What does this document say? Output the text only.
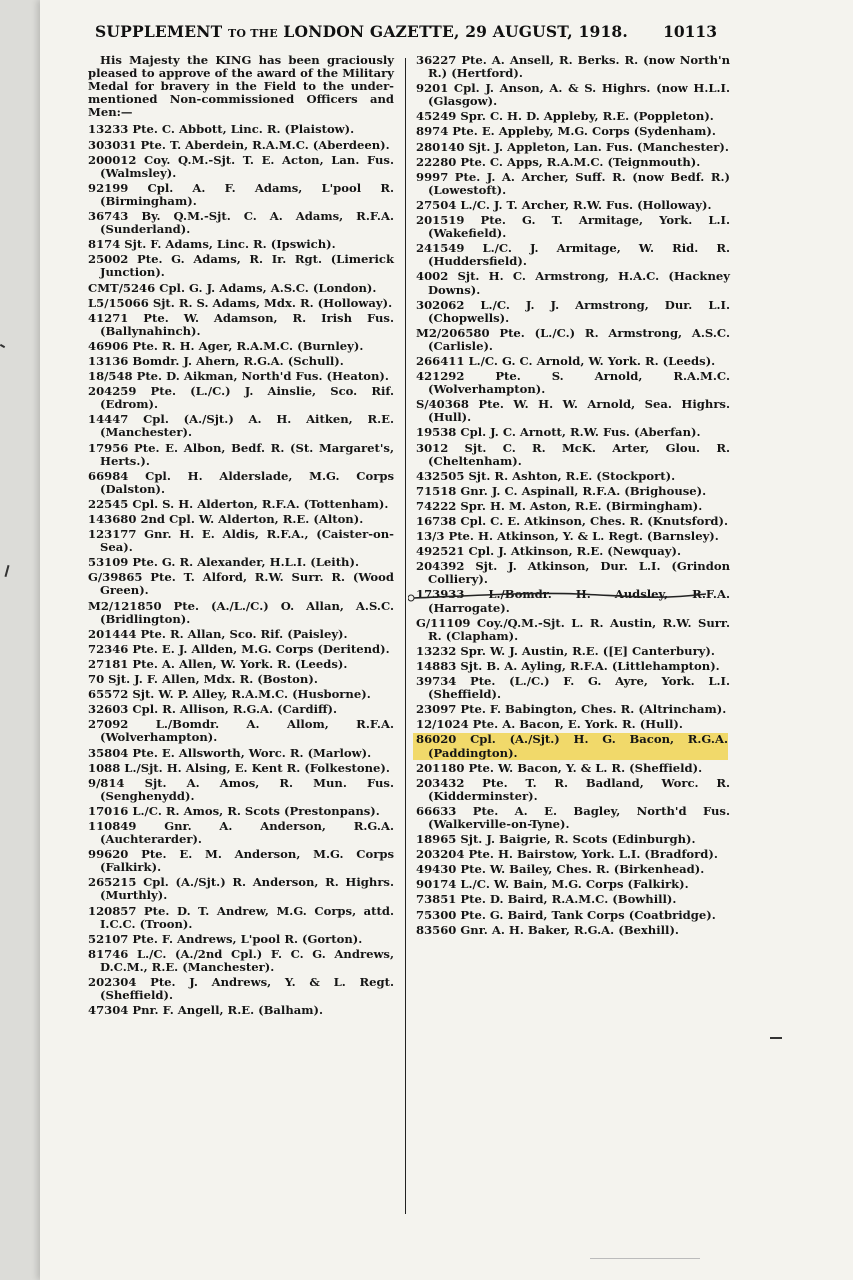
SUPPLEMENT TO THE LONDON GAZETTE, 29 AUGUST, 1918. 10113

His Majesty the KING has been graciously pleased to approve of the award of the Military Medal for bravery in the Field to the under-mentioned Non-commissioned Officers and Men:—

13233 Pte. C. Abbott, Linc. R. (Plaistow).

303031 Pte. T. Aberdein, R.A.M.C. (Aberdeen).

200012 Coy. Q.M.-Sjt. T. E. Acton, Lan. Fus. (Walmsley).

92199 Cpl. A. F. Adams, L'pool R. (Birmingham).

36743 By. Q.M.-Sjt. C. A. Adams, R.F.A. (Sunderland).

8174 Sjt. F. Adams, Linc. R. (Ipswich).

25002 Pte. G. Adams, R. Ir. Rgt. (Limerick Junction).

CMT/5246 Cpl. G. J. Adams, A.S.C. (London).

L5/15066 Sjt. R. S. Adams, Mdx. R. (Holloway).

41271 Pte. W. Adamson, R. Irish Fus. (Ballynahinch).

46906 Pte. R. H. Ager, R.A.M.C. (Burnley).

13136 Bomdr. J. Ahern, R.G.A. (Schull).

18/548 Pte. D. Aikman, North'd Fus. (Heaton).

204259 Pte. (L./C.) J. Ainslie, Sco. Rif. (Edrom).

14447 Cpl. (A./Sjt.) A. H. Aitken, R.E. (Manchester).

17956 Pte. E. Albon, Bedf. R. (St. Margaret's, Herts.).

66984 Cpl. H. Alderslade, M.G. Corps (Dalston).

22545 Cpl. S. H. Alderton, R.F.A. (Tottenham).

143680 2nd Cpl. W. Alderton, R.E. (Alton).

123177 Gnr. H. E. Aldis, R.F.A., (Caister-on-Sea).

53109 Pte. G. R. Alexander, H.L.I. (Leith).

G/39865 Pte. T. Alford, R.W. Surr. R. (Wood Green).

M2/121850 Pte. (A./L./C.) O. Allan, A.S.C. (Bridlington).

201444 Pte. R. Allan, Sco. Rif. (Paisley).

72346 Pte. E. J. Allden, M.G. Corps (Deritend).

27181 Pte. A. Allen, W. York. R. (Leeds).

70 Sjt. J. F. Allen, Mdx. R. (Boston).

65572 Sjt. W. P. Alley, R.A.M.C. (Husborne).

32603 Cpl. R. Allison, R.G.A. (Cardiff).

27092 L./Bomdr. A. Allom, R.F.A. (Wolverhampton).

35804 Pte. E. Allsworth, Worc. R. (Marlow).

1088 L./Sjt. H. Alsing, E. Kent R. (Folkestone).

9/814 Sjt. A. Amos, R. Mun. Fus. (Senghenydd).

17016 L./C. R. Amos, R. Scots (Prestonpans).

110849 Gnr. A. Anderson, R.G.A. (Auchterarder).

99620 Pte. E. M. Anderson, M.G. Corps (Falkirk).

265215 Cpl. (A./Sjt.) R. Anderson, R. Highrs. (Murthly).

120857 Pte. D. T. Andrew, M.G. Corps, attd. I.C.C. (Troon).

52107 Pte. F. Andrews, L'pool R. (Gorton).

81746 L./C. (A./2nd Cpl.) F. C. G. Andrews, D.C.M., R.E. (Manchester).

202304 Pte. J. Andrews, Y. & L. Regt. (Sheffield).

47304 Pnr. F. Angell, R.E. (Balham).

36227 Pte. A. Ansell, R. Berks. R. (now North'n R.) (Hertford).

9201 Cpl. J. Anson, A. & S. Highrs. (now H.L.I. (Glasgow).

45249 Spr. C. H. D. Appleby, R.E. (Poppleton).

8974 Pte. E. Appleby, M.G. Corps (Sydenham).

280140 Sjt. J. Appleton, Lan. Fus. (Manchester).

22280 Pte. C. Apps, R.A.M.C. (Teignmouth).

9997 Pte. J. A. Archer, Suff. R. (now Bedf. R.) (Lowestoft).

27504 L./C. J. T. Archer, R.W. Fus. (Holloway).

201519 Pte. G. T. Armitage, York. L.I. (Wakefield).

241549 L./C. J. Armitage, W. Rid. R. (Huddersfield).

4002 Sjt. H. C. Armstrong, H.A.C. (Hackney Downs).

302062 L./C. J. J. Armstrong, Dur. L.I. (Chopwells).

M2/206580 Pte. (L./C.) R. Armstrong, A.S.C. (Carlisle).

266411 L./C. G. C. Arnold, W. York. R. (Leeds).

421292 Pte. S. Arnold, R.A.M.C. (Wolverhampton).

S/40368 Pte. W. H. W. Arnold, Sea. Highrs. (Hull).

19538 Cpl. J. C. Arnott, R.W. Fus. (Aberfan).

3012 Sjt. C. R. McK. Arter, Glou. R. (Cheltenham).

432505 Sjt. R. Ashton, R.E. (Stockport).

71518 Gnr. J. C. Aspinall, R.F.A. (Brighouse).

74222 Spr. H. M. Aston, R.E. (Birmingham).

16738 Cpl. C. E. Atkinson, Ches. R. (Knutsford).

13/3 Pte. H. Atkinson, Y. & L. Regt. (Barnsley).

492521 Cpl. J. Atkinson, R.E. (Newquay).

204392 Sjt. J. Atkinson, Dur. L.I. (Grindon Colliery).

173933 L./Bomdr. H. Audsley, R.F.A. (Harrogate).

G/11109 Coy./Q.M.-Sjt. L. R. Austin, R.W. Surr. R. (Clapham).

13232 Spr. W. J. Austin, R.E. ([E] Canterbury).

14883 Sjt. B. A. Ayling, R.F.A. (Littlehampton).

39734 Pte. (L./C.) F. G. Ayre, York. L.I. (Sheffield).

23097 Pte. F. Babington, Ches. R. (Altrincham).

12/1024 Pte. A. Bacon, E. York. R. (Hull).

86020 Cpl. (A./Sjt.) H. G. Bacon, R.G.A. (Paddington).

201180 Pte. W. Bacon, Y. & L. R. (Sheffield).

203432 Pte. T. R. Badland, Worc. R. (Kidderminster).

66633 Pte. A. E. Bagley, North'd Fus. (Walkerville-on-Tyne).

18965 Sjt. J. Baigrie, R. Scots (Edinburgh).

203204 Pte. H. Bairstow, York. L.I. (Bradford).

49430 Pte. W. Bailey, Ches. R. (Birkenhead).

90174 L./C. W. Bain, M.G. Corps (Falkirk).

73851 Pte. D. Baird, R.A.M.C. (Bowhill).

75300 Pte. G. Baird, Tank Corps (Coatbridge).

83560 Gnr. A. H. Baker, R.G.A. (Bexhill).
